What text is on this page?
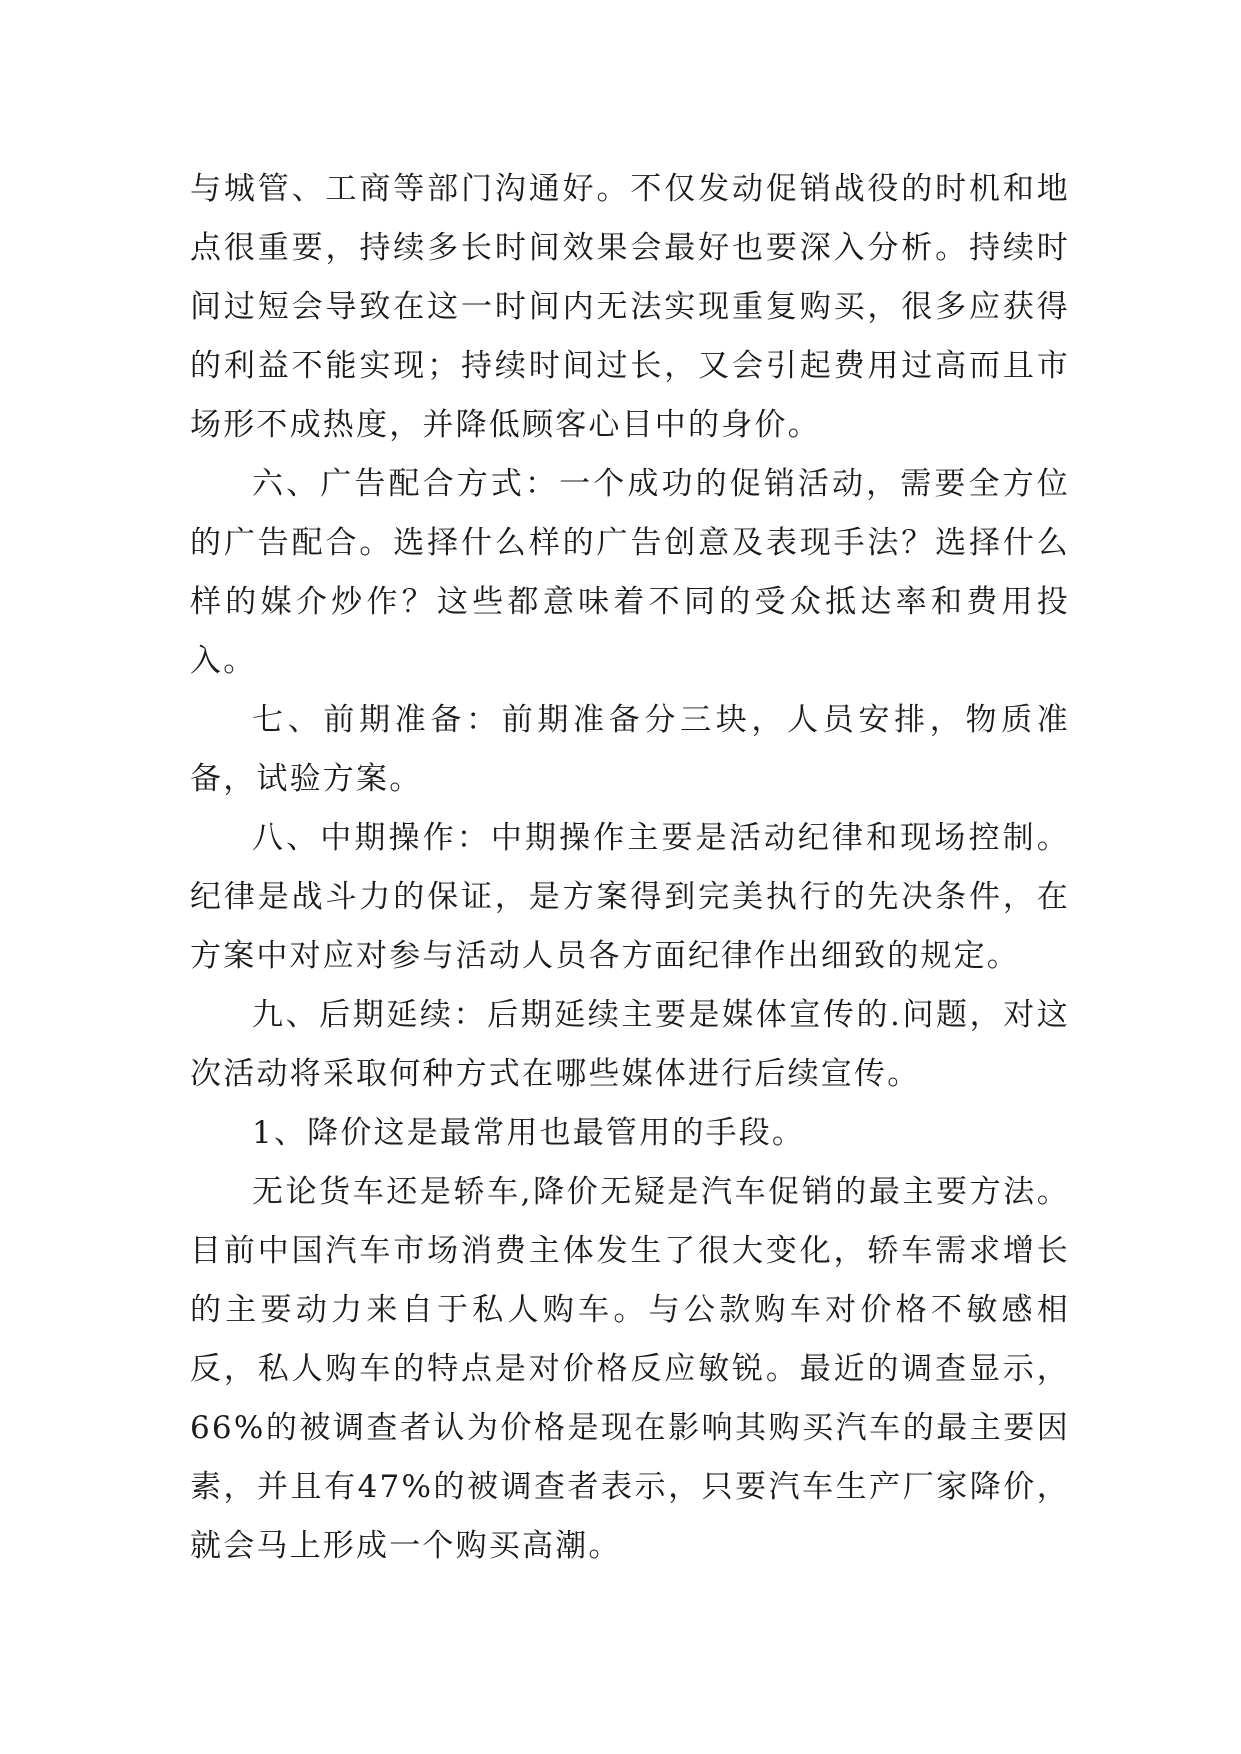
与城管、工商等部门沟通好。不仅发动促销战役的时机和地点很重要，持续多长时间效果会最好也要深入分析。持续时间过短会导致在这一时间内无法实现重复购买，很多应获得的利益不能实现；持续时间过长，又会引起费用过高而且市场形不成热度，并降低顾客心目中的身价。

六、广告配合方式：一个成功的促销活动，需要全方位的广告配合。选择什么样的广告创意及表现手法？选择什么样的媒介炒作？这些都意味着不同的受众抵达率和费用投入。

七、前期准备：前期准备分三块，人员安排，物质准备，试验方案。

八、中期操作：中期操作主要是活动纪律和现场控制。纪律是战斗力的保证，是方案得到完美执行的先决条件，在方案中对应对参与活动人员各方面纪律作出细致的规定。

九、后期延续：后期延续主要是媒体宣传的.问题，对这次活动将采取何种方式在哪些媒体进行后续宣传。

1、降价这是最常用也最管用的手段。

无论货车还是轿车,降价无疑是汽车促销的最主要方法。目前中国汽车市场消费主体发生了很大变化，轿车需求增长的主要动力来自于私人购车。与公款购车对价格不敏感相反，私人购车的特点是对价格反应敏锐。最近的调查显示，66%的被调查者认为价格是现在影响其购买汽车的最主要因素，并且有47%的被调查者表示，只要汽车生产厂家降价，就会马上形成一个购买高潮。
